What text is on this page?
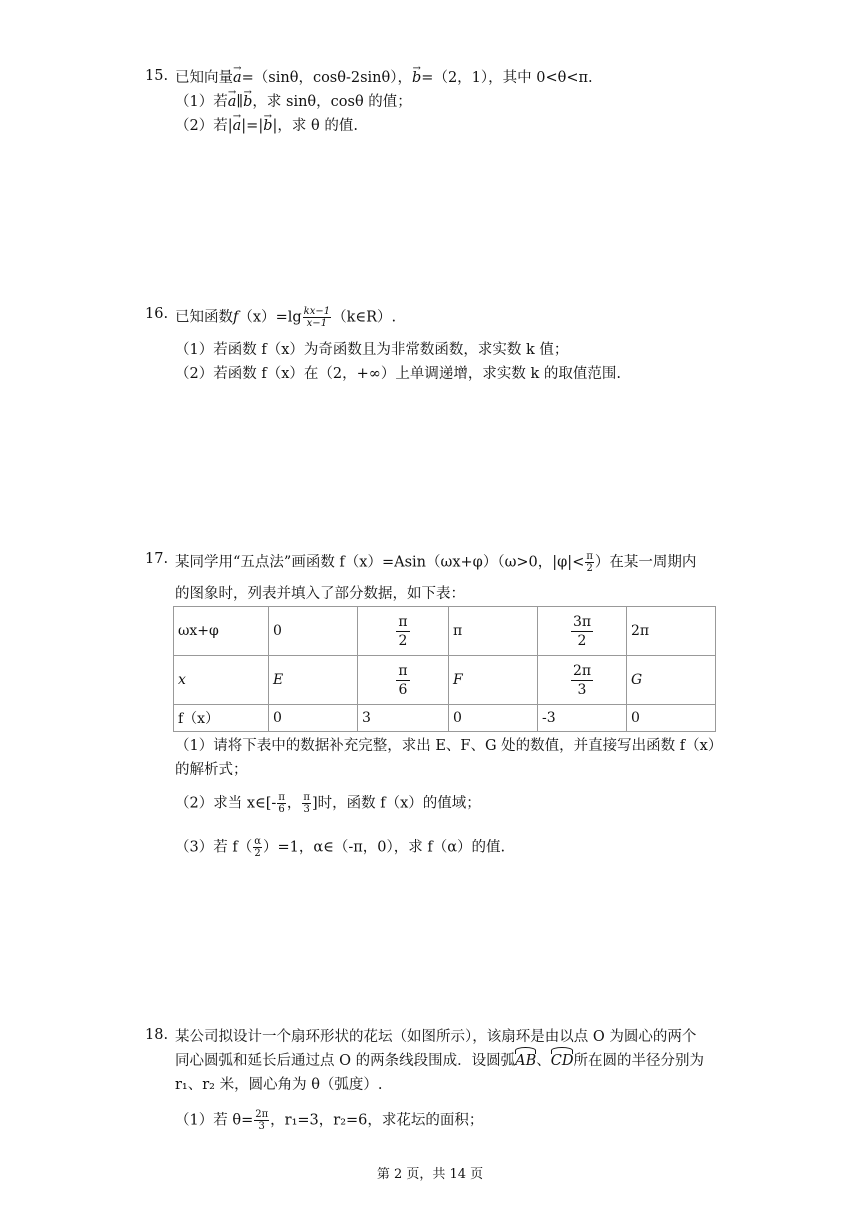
15. 已知向量→ a=（sinθ，cosθ-2sinθ），→ b=（2，1），其中 0<θ<π.
（1）若→ a∥→ b，求 sinθ，cosθ 的值；
（2）若|→ a|=|→ b|，求 θ 的值.
16. 已知函数$f(x)=\lg \frac{kx-1}{x-1}$ （k∈R）.
（1）若函数 f（x）为奇函数且为非常数函数，求实数 k 值；
（2）若函数 f（x）在（2，+∞）上单调递增，求实数 k 的取值范围.
17. 某同学用“五点法”画函数 f（x）=Asin（ωx+φ）（ω>0，$|\varphi|< \frac{\pi}{2}$ ）在某一周期内
的图象时，列表并填入了部分数据，如下表：
ωx+φ	0	$\frac{\pi}{2}$	π	$\frac{3\pi}{2}$	2π
x	E	$\frac{\pi}{6}$	F	$\frac{2\pi}{3}$	G
f（x）	0	3	0	-3	0
（1）请将下表中的数据补充完整，求出 E、F、G 处的数值，并直接写出函数 f（x）
的解析式；
（2）求当 x∈[- $\frac{\pi}{6}$ ， $\frac{\pi}{3}$ ]时，函数 f（x）的值域；
（3）若 $f( \frac{\alpha}{2} )=1$，α∈（-π，0），求 f（α）的值.
18. 某公司拟设计一个扇环形状的花坛（如图所示），该扇环是由以点 O 为圆心的两个
同心圆弧和延长后通过点 O 的两条线段围成．设圆弧AB、CD所在圆的半径分别为
r₁、r₂ 米，圆心角为 θ（弧度）.
（1）若 $\theta= \frac{2\pi}{3}$ ，r₁=3，r₂=6，求花坛的面积；
第 2 页，共 14 页
